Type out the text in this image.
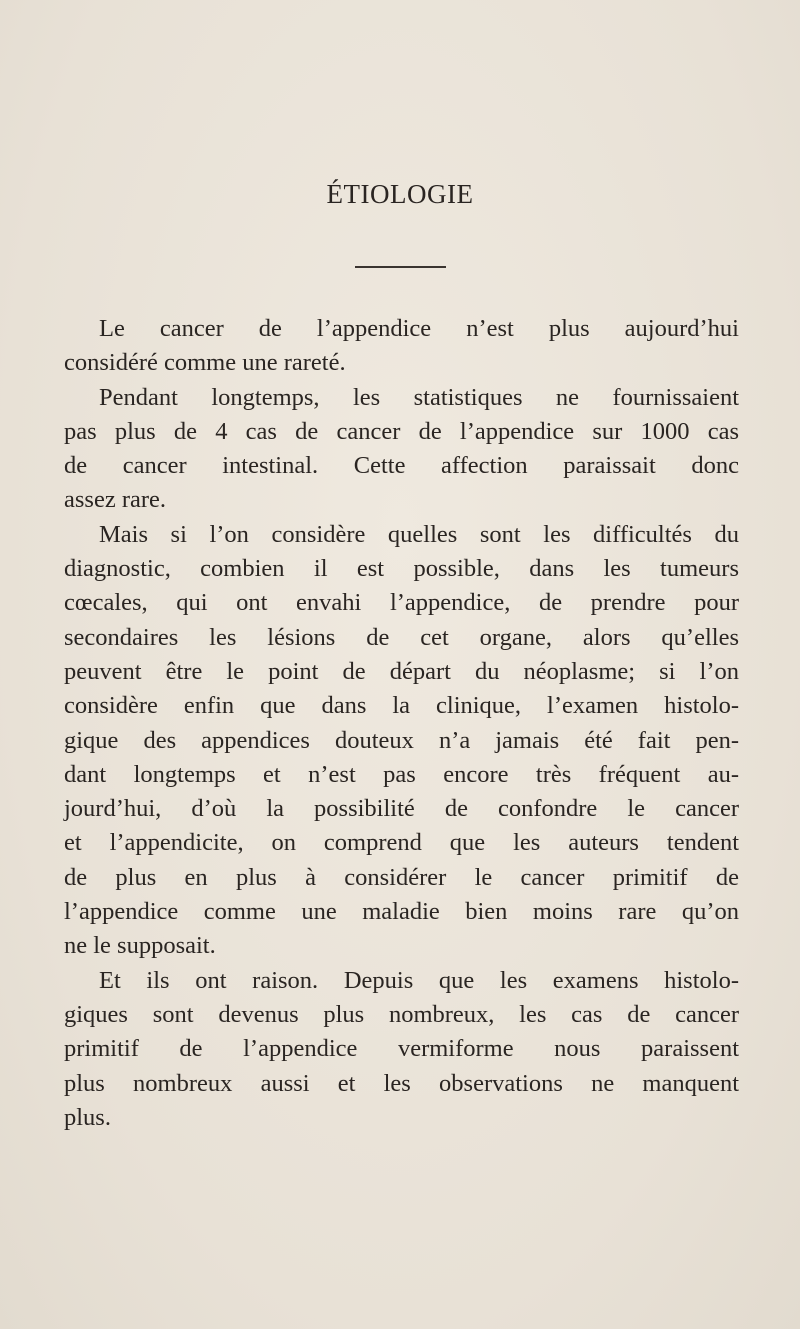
ÉTIOLOGIE
Le cancer de l’appendice n’est plus aujourd’hui
considéré comme une rareté.
Pendant longtemps, les statistiques ne fournissaient
pas plus de 4 cas de cancer de l’appendice sur 1000 cas
de cancer intestinal. Cette affection paraissait donc
assez rare.
Mais si l’on considère quelles sont les difficultés du
diagnostic, combien il est possible, dans les tumeurs
cœcales, qui ont envahi l’appendice, de prendre pour
secondaires les lésions de cet organe, alors qu’elles
peuvent être le point de départ du néoplasme; si l’on
considère enfin que dans la clinique, l’examen histolo-
gique des appendices douteux n’a jamais été fait pen-
dant longtemps et n’est pas encore très fréquent au-
jourd’hui, d’où la possibilité de confondre le cancer
et l’appendicite, on comprend que les auteurs tendent
de plus en plus à considérer le cancer primitif de
l’appendice comme une maladie bien moins rare qu’on
ne le supposait.
Et ils ont raison. Depuis que les examens histolo-
giques sont devenus plus nombreux, les cas de cancer
primitif de l’appendice vermiforme nous paraissent
plus nombreux aussi et les observations ne manquent
plus.
